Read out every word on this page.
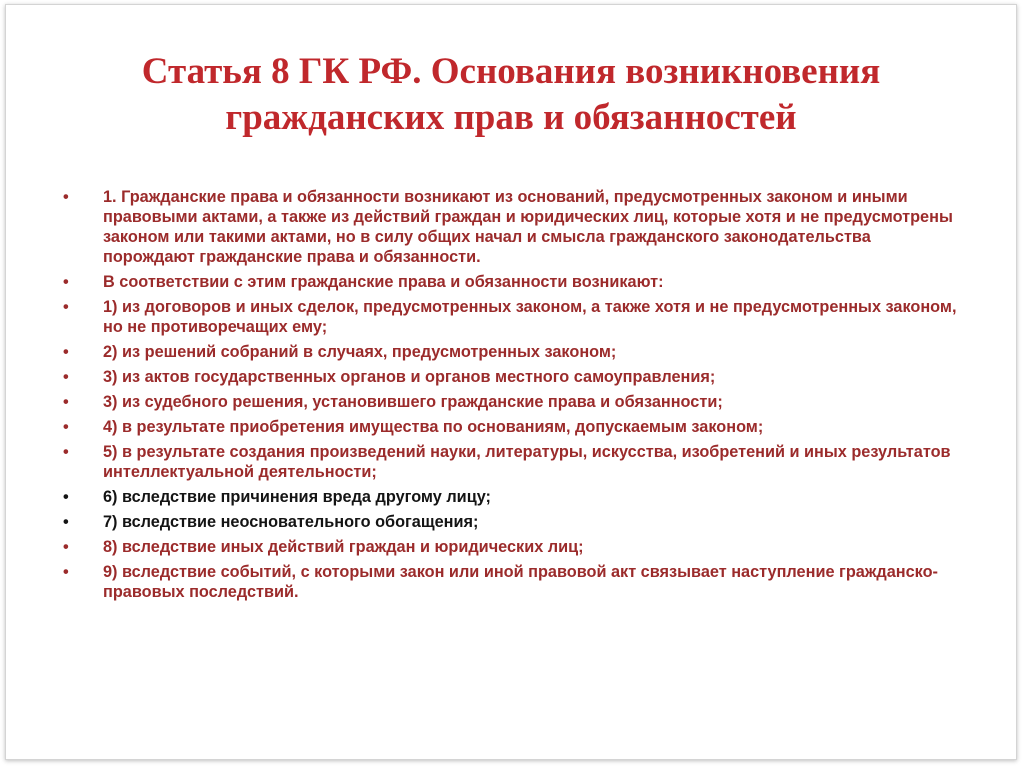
Статья 8 ГК РФ. Основания возникновения
гражданских прав и обязанностей
•	1. Гражданские права и обязанности возникают из оснований, предусмотренных законом и иными правовыми актами, а также из действий граждан и юридических лиц, которые хотя и не предусмотрены законом или такими актами, но в силу общих начал и смысла гражданского законодательства порождают гражданские права и обязанности.
•	В соответствии с этим гражданские права и обязанности возникают:
•	1) из договоров и иных сделок, предусмотренных законом, а также хотя и не предусмотренных законом, но не противоречащих ему;
•	2) из решений собраний в случаях, предусмотренных законом;
•	3) из актов государственных органов и органов местного самоуправления;
•	3) из судебного решения, установившего гражданские права и обязанности;
•	4) в результате приобретения имущества по основаниям, допускаемым законом;
•	5) в результате создания произведений науки, литературы, искусства, изобретений и иных результатов интеллектуальной деятельности;
•	6) вследствие причинения вреда другому лицу;
•	7) вследствие неосновательного обогащения;
•	8) вследствие иных действий граждан и юридических лиц;
•	9) вследствие событий, с которыми закон или иной правовой акт связывает наступление гражданско-правовых последствий.
